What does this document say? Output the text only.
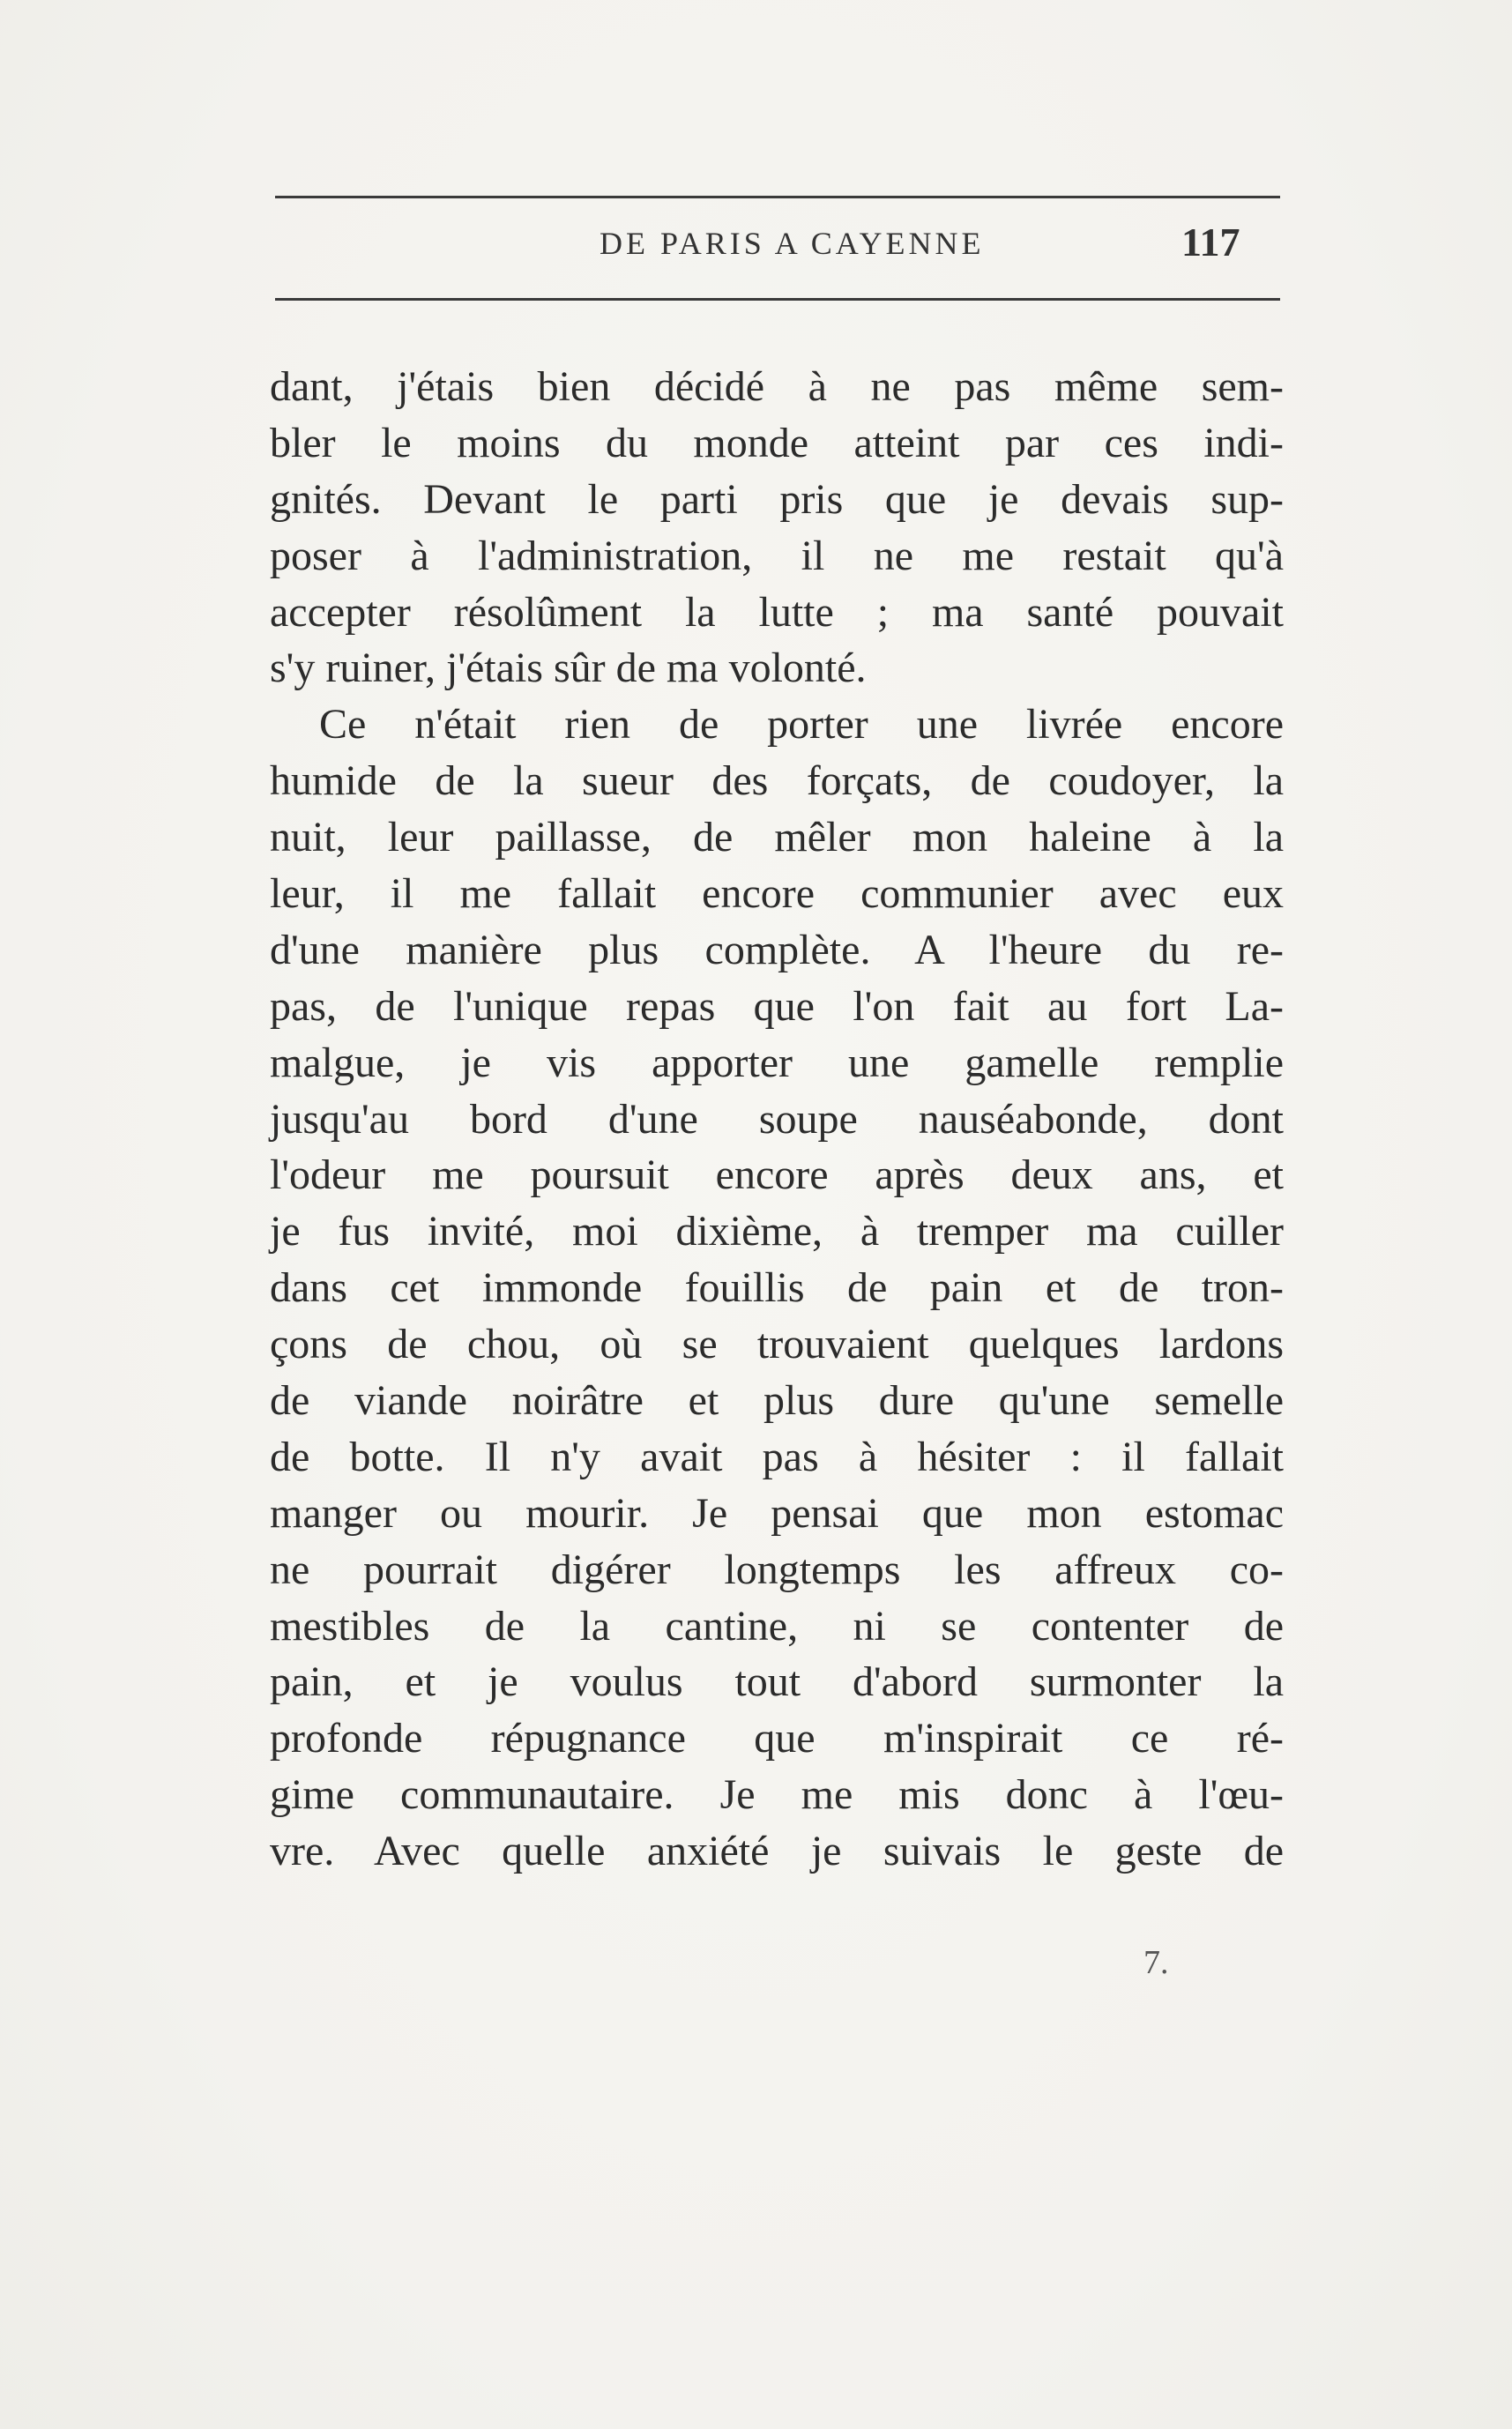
DE PARIS A CAYENNE	117
dant, j'étais bien décidé à ne pas même sem-
bler le moins du monde atteint par ces indi-
gnités. Devant le parti pris que je devais sup-
poser à l'administration, il ne me restait qu'à
accepter résolûment la lutte ; ma santé pouvait
s'y ruiner, j'étais sûr de ma volonté.
Ce n'était rien de porter une livrée encore
humide de la sueur des forçats, de coudoyer, la
nuit, leur paillasse, de mêler mon haleine à la
leur, il me fallait encore communier avec eux
d'une manière plus complète. A l'heure du re-
pas, de l'unique repas que l'on fait au fort La-
malgue, je vis apporter une gamelle remplie
jusqu'au bord d'une soupe nauséabonde, dont
l'odeur me poursuit encore après deux ans, et
je fus invité, moi dixième, à tremper ma cuiller
dans cet immonde fouillis de pain et de tron-
çons de chou, où se trouvaient quelques lardons
de viande noirâtre et plus dure qu'une semelle
de botte. Il n'y avait pas à hésiter : il fallait
manger ou mourir. Je pensai que mon estomac
ne pourrait digérer longtemps les affreux co-
mestibles de la cantine, ni se contenter de
pain, et je voulus tout d'abord surmonter la
profonde répugnance que m'inspirait ce ré-
gime communautaire. Je me mis donc à l'œu-
vre. Avec quelle anxiété je suivais le geste de
7.
